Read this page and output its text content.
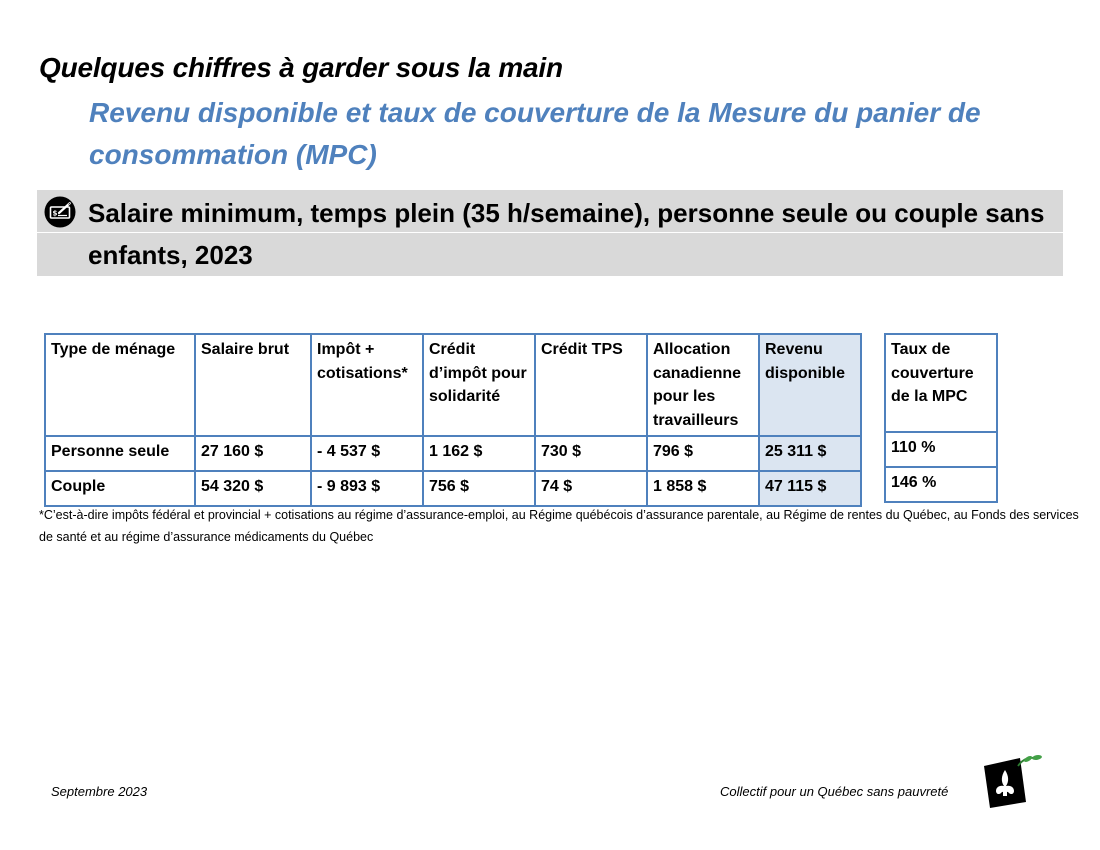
Quelques chiffres à garder sous la main
Revenu disponible et taux de couverture de la Mesure du panier de consommation (MPC)
$ Salaire minimum, temps plein (35 h/semaine), personne seule ou couple sans enfants, 2023

Type de ménage	Salaire brut	Impôt + cotisations*	Crédit d’impôt pour solidarité	Crédit TPS	Allocation canadienne pour les travailleurs	Revenu disponible
Personne seule	27 160 $	- 4 537 $	1 162 $	730 $	796 $	25 311 $
Couple	54 320 $	- 9 893 $	756 $	74 $	1 858 $	47 115 $
Taux de couverture de la MPC
110 %
146 %

*C’est-à-dire impôts fédéral et provincial + cotisations au régime d’assurance-emploi, au Régime québécois d’assurance parentale, au Régime de rentes du Québec, au Fonds des services de santé et au régime d’assurance médicaments du Québec

Septembre 2023	Collectif pour un Québec sans pauvreté
